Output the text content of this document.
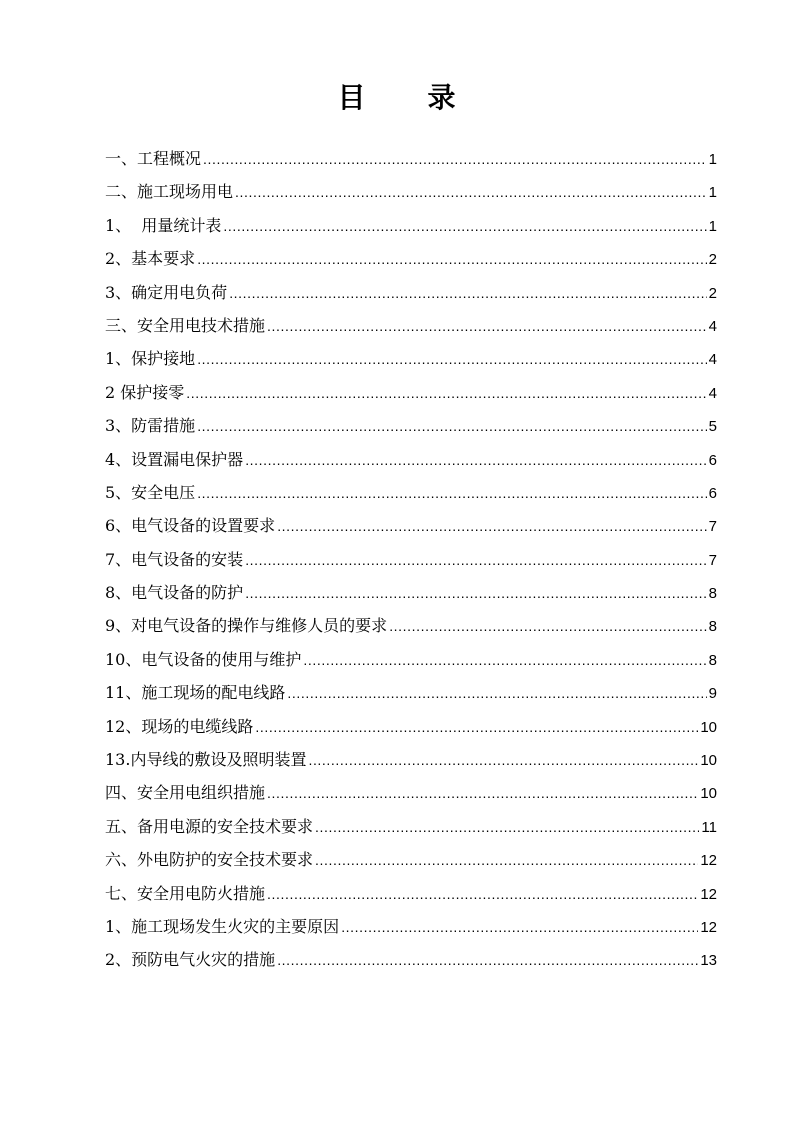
目 录
一、工程概况 .....	1
二、施工现场用电 .....	1
1、  用量统计表 .....	1
2、基本要求 .....	2
3、确定用电负荷 .....	2
三、安全用电技术措施 .....	4
1、保护接地 .....	4
2 保护接零 .....	4
3、防雷措施 .....	5
4、设置漏电保护器 .....	6
5、安全电压 .....	6
6、电气设备的设置要求 .....	7
7、电气设备的安装 .....	7
8、电气设备的防护 .....	8
9、对电气设备的操作与维修人员的要求 .....	8
10、电气设备的使用与维护 .....	8
11、施工现场的配电线路 .....	9
12、现场的电缆线路 .....	10
13.内导线的敷设及照明装置 .....	10
四、安全用电组织措施 .....	10
五、备用电源的安全技术要求 .....	11
六、外电防护的安全技术要求 .....	12
七、安全用电防火措施 .....	12
1、施工现场发生火灾的主要原因 .....	12
2、预防电气火灾的措施 .....	13
